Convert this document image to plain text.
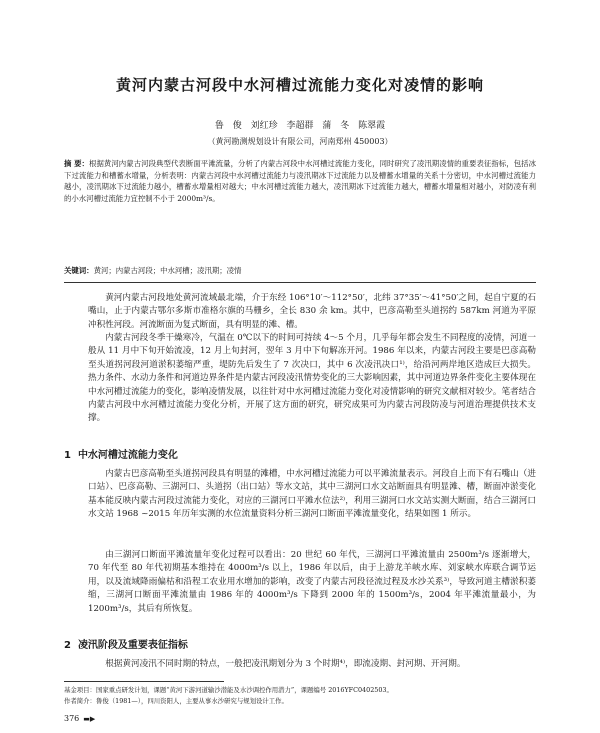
黄河内蒙古河段中水河槽过流能力变化对凌情的影响
鲁 俊 刘红珍 李超群 蒲 冬 陈翠霞
（黄河勘测规划设计有限公司，河南郑州 450003）
摘 要：根据黄河内蒙古河段典型代表断面平滩流量，分析了内蒙古河段中水河槽过流能力变化，同时研究了凌汛期凌情的重要表征指标，包括冰下过流能力和槽蓄水增量，分析表明：内蒙古河段中水河槽过流能力与凌汛期冰下过流能力以及槽蓄水增量的关系十分密切，中水河槽过流能力越小，凌汛期冰下过流能力越小，槽蓄水增量相对越大；中水河槽过流能力越大，凌汛期冰下过流能力越大，槽蓄水增量相对越小，对防凌有利的小水河槽过流能力宜控制不小于 2000m³/s。
关键词：黄河；内蒙古河段；中水河槽；凌汛期；凌情
黄河内蒙古河段地处黄河流域最北端，介于东经 106°10′～112°50′，北纬 37°35′～41°50′之间，起自宁夏的石嘴山，止于内蒙古鄂尔多斯市准格尔旗的马栅乡，全长 830 余 km。其中，巴彦高勒至头道拐约 587km 河道为平原冲积性河段。河流断面为复式断面，具有明显的滩、槽。
内蒙古河段冬季干燥寒冷，气温在 0℃以下的时间可持续 4～5 个月，几乎每年都会发生不同程度的凌情，河道一般从 11 月中下旬开始流凌，12 月上旬封河，翌年 3 月中下旬解冻开河。1986 年以来，内蒙古河段主要是巴彦高勒至头道拐河段河道淤积萎缩严重，堤防先后发生了 7 次决口，其中 6 次凌汛决口¹⁾，给沿河两岸地区造成巨大损失。热力条件、水动力条件和河道边界条件是内蒙古河段凌汛情势变化的三大影响因素，其中河道边界条件变化主要体现在中水河槽过流能力的变化，影响凌情发展，以往针对中水河槽过流能力变化对凌情影响的研究文献相对较少。笔者结合内蒙古河段中水河槽过流能力变化分析，开展了这方面的研究，研究成果可为内蒙古河段防凌与河道治理提供技术支撑。
1 中水河槽过流能力变化
内蒙古巴彦高勒至头道拐河段具有明显的滩槽，中水河槽过流能力可以平滩流量表示。河段自上而下有石嘴山（进口站）、巴彦高勒、三湖河口、头道拐（出口站）等水文站，其中三湖河口水文站断面具有明显滩、槽，断面冲淤变化基本能反映内蒙古河段过流能力变化，对应的三湖河口平滩水位法²⁾，利用三湖河口水文站实测大断面，结合三湖河口水文站 1968 ~2015 年历年实测的水位流量资料分析三湖河口断面平滩流量变化，结果如图 1 所示。
由三湖河口断面平滩流量年变化过程可以看出：20 世纪 60 年代，三湖河口平滩流量由 2500m³/s 逐渐增大，70 年代至 80 年代初期基本维持在 4000m³/s 以上，1986 年以后，由于上游龙羊峡水库、刘家峡水库联合调节运用，以及流域降雨偏枯和沿程工农业用水增加的影响，改变了内蒙古河段径流过程及水沙关系³⁾，导致河道主槽淤积萎缩，三湖河口断面平滩流量由 1986 年的 4000m³/s 下降到 2000 年的 1500m³/s，2004 年平滩流量最小，为 1200m³/s，其后有所恢复。
2 凌汛阶段及重要表征指标
根据黄河凌汛不同时期的特点，一般把凌汛期划分为 3 个时期⁴⁾，即流凌期、封河期、开河期。
基金项目：国家重点研发计划，课题“黄河下游河道输沙潜能及水沙调控作用潜力”，课题编号 2016YFC0402503。
作者简介：鲁俊（1981—），四川资阳人，主要从事水沙研究与规划设计工作。
376 ▬▶
